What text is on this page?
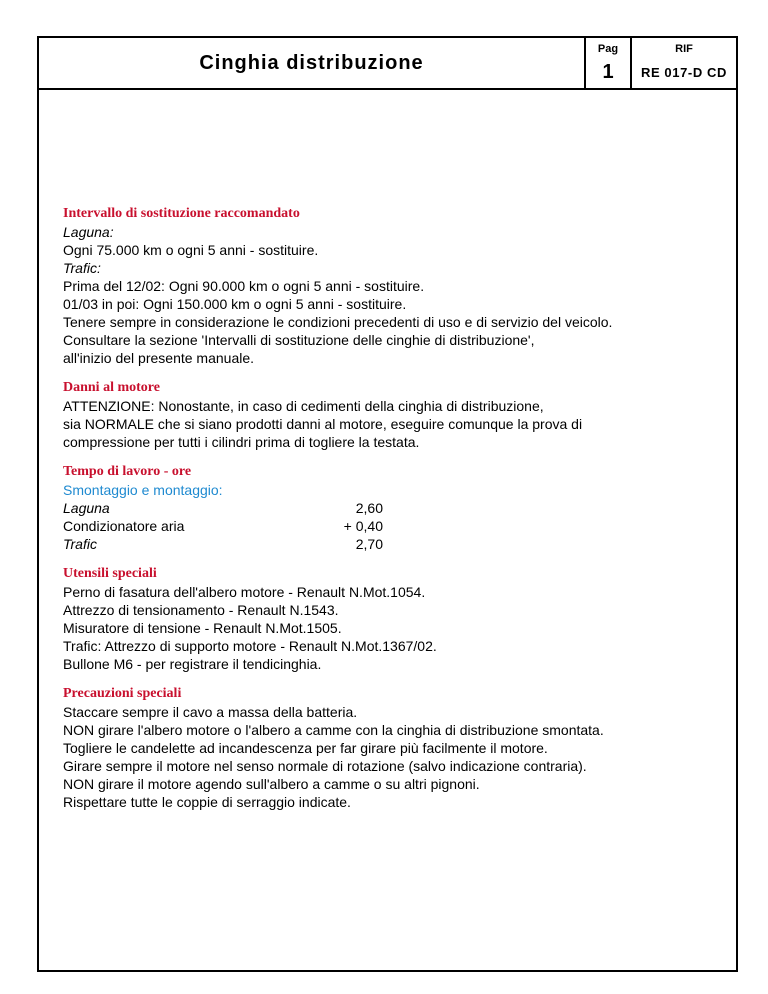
Cinghia distribuzione
Pag
1
RIF
RE 017-D CD
Intervallo di sostituzione raccomandato
Laguna:
Ogni 75.000 km o ogni 5 anni - sostituire.
Trafic:
Prima del 12/02: Ogni 90.000 km o ogni 5 anni - sostituire.
01/03 in poi: Ogni 150.000 km o ogni 5 anni - sostituire.
Tenere sempre in considerazione le condizioni precedenti di uso e di servizio del veicolo.
Consultare la sezione 'Intervalli di sostituzione delle cinghie di distribuzione',
all'inizio del presente manuale.
Danni al motore
ATTENZIONE: Nonostante, in caso di cedimenti della cinghia di distribuzione,
sia NORMALE che si siano prodotti danni al motore, eseguire comunque la prova di
compressione per tutti i cilindri prima di togliere la testata.
Tempo di lavoro - ore
Smontaggio e montaggio:
Laguna	2,60
Condizionatore aria	+ 0,40
Trafic	2,70
Utensili speciali
Perno di fasatura dell'albero motore - Renault N.Mot.1054.
Attrezzo di tensionamento - Renault N.1543.
Misuratore di tensione - Renault N.Mot.1505.
Trafic: Attrezzo di supporto motore - Renault N.Mot.1367/02.
Bullone M6 - per registrare il tendicinghia.
Precauzioni speciali
Staccare sempre il cavo a massa della batteria.
NON girare l'albero motore o l'albero a camme con la cinghia di distribuzione smontata.
Togliere le candelette ad incandescenza per far girare più facilmente il motore.
Girare sempre il motore nel senso normale di rotazione (salvo indicazione contraria).
NON girare il motore agendo sull'albero a camme o su altri pignoni.
Rispettare tutte le coppie di serraggio indicate.
